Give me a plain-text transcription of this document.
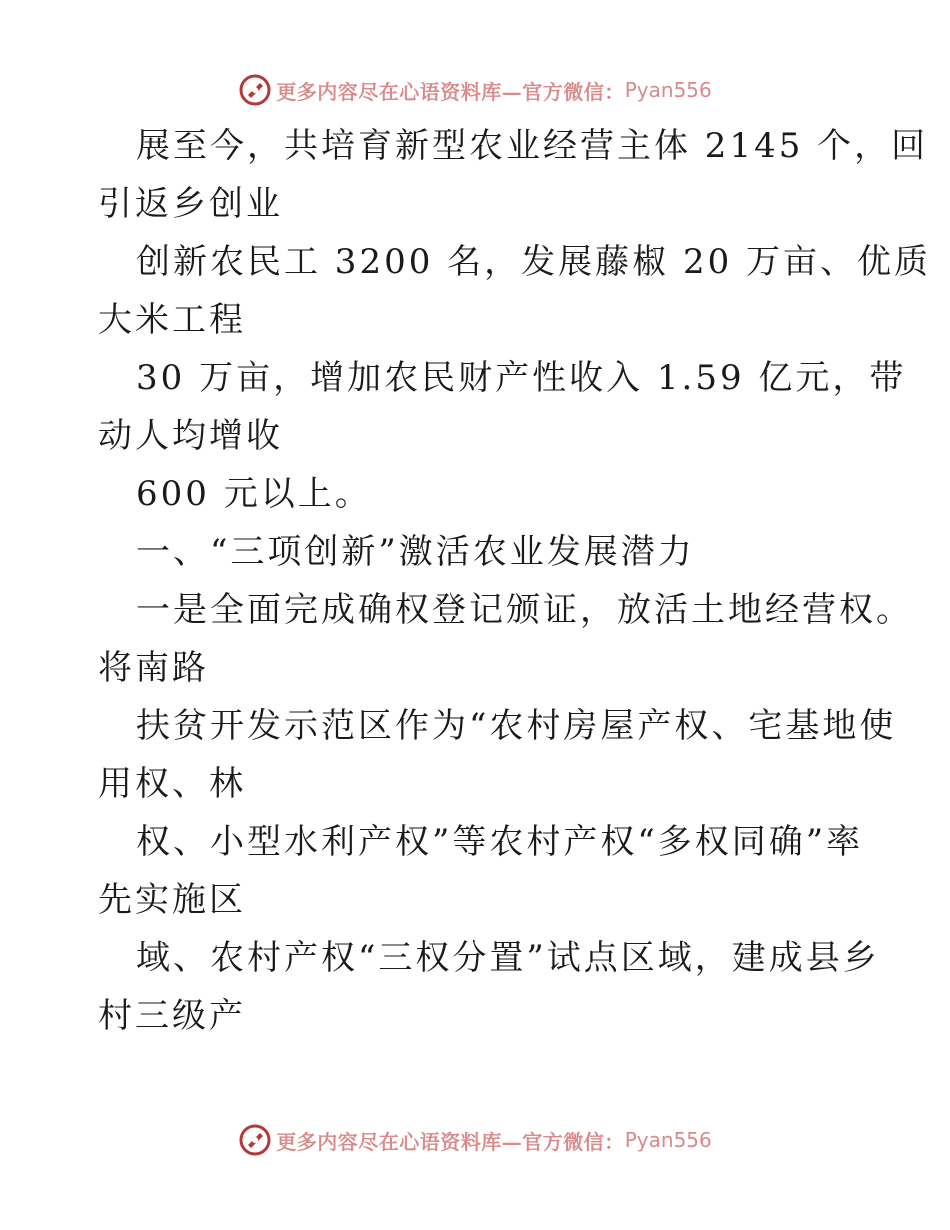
更多内容尽在心语资料库—官方微信： Pyan556
展至今，共培育新型农业经营主体 2145 个，回
引返乡创业
创新农民工 3200 名，发展藤椒 20 万亩、优质
大米工程
30 万亩，增加农民财产性收入 1.59 亿元，带
动人均增收
600 元以上。
一、“三项创新”激活农业发展潜力
一是全面完成确权登记颁证，放活土地经营权。
将南路
扶贫开发示范区作为“农村房屋产权、宅基地使
用权、林
权、小型水利产权”等农村产权“多权同确”率
先实施区
域、农村产权“三权分置”试点区域，建成县乡
村三级产
更多内容尽在心语资料库—官方微信： Pyan556
